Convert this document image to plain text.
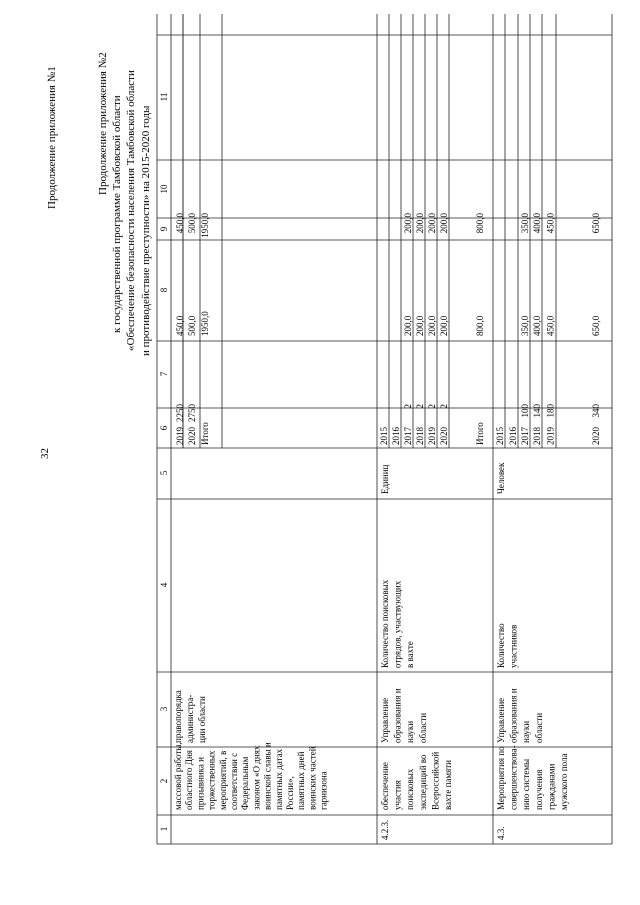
32
Продолжение приложения №1	Продолжение приложения №2 к государственной программе Тамбовской области «Обеспечение безопасности населения Тамбовской области и противодействие преступности» на 2015-2020 годы
1
2
3
4
5
6
7
8
9
10
11
массовой работы, областного Дня призывника и торжественных мероприятий, в соответствии с Федеральным законом «О днях воинской славы и памятных датах России», памятных дней воинских частей гарнизона
правопорядка администра- ции области
2019
2250
450,0
450,0
2020
2750
500,0
500,0
Итого
1950,0
1950,0
4.2.3.
обеспечение участия поисковых экспедиций во Всероссийской вахте памяти
Управление образования и науки области
Количество поисковых отрядов, участвующих в вахте
Единиц
2015 2016 2017
2
200,0
200,0
2018
2
200,0
200,0
2019
2
200,0
200,0
2020
2
200,0
200,0
Итого
800,0
800,0
4.3.
Мероприятия по совершенствова- нию системы получения гражданами мужского пола
Управление образования и науки области
Количество участников
Человек
2015 2016 2017
100
350,0
350,0
2018
140
400,0
400,0
2019
180
450,0
450,0
2020
340
650,0
650,0
